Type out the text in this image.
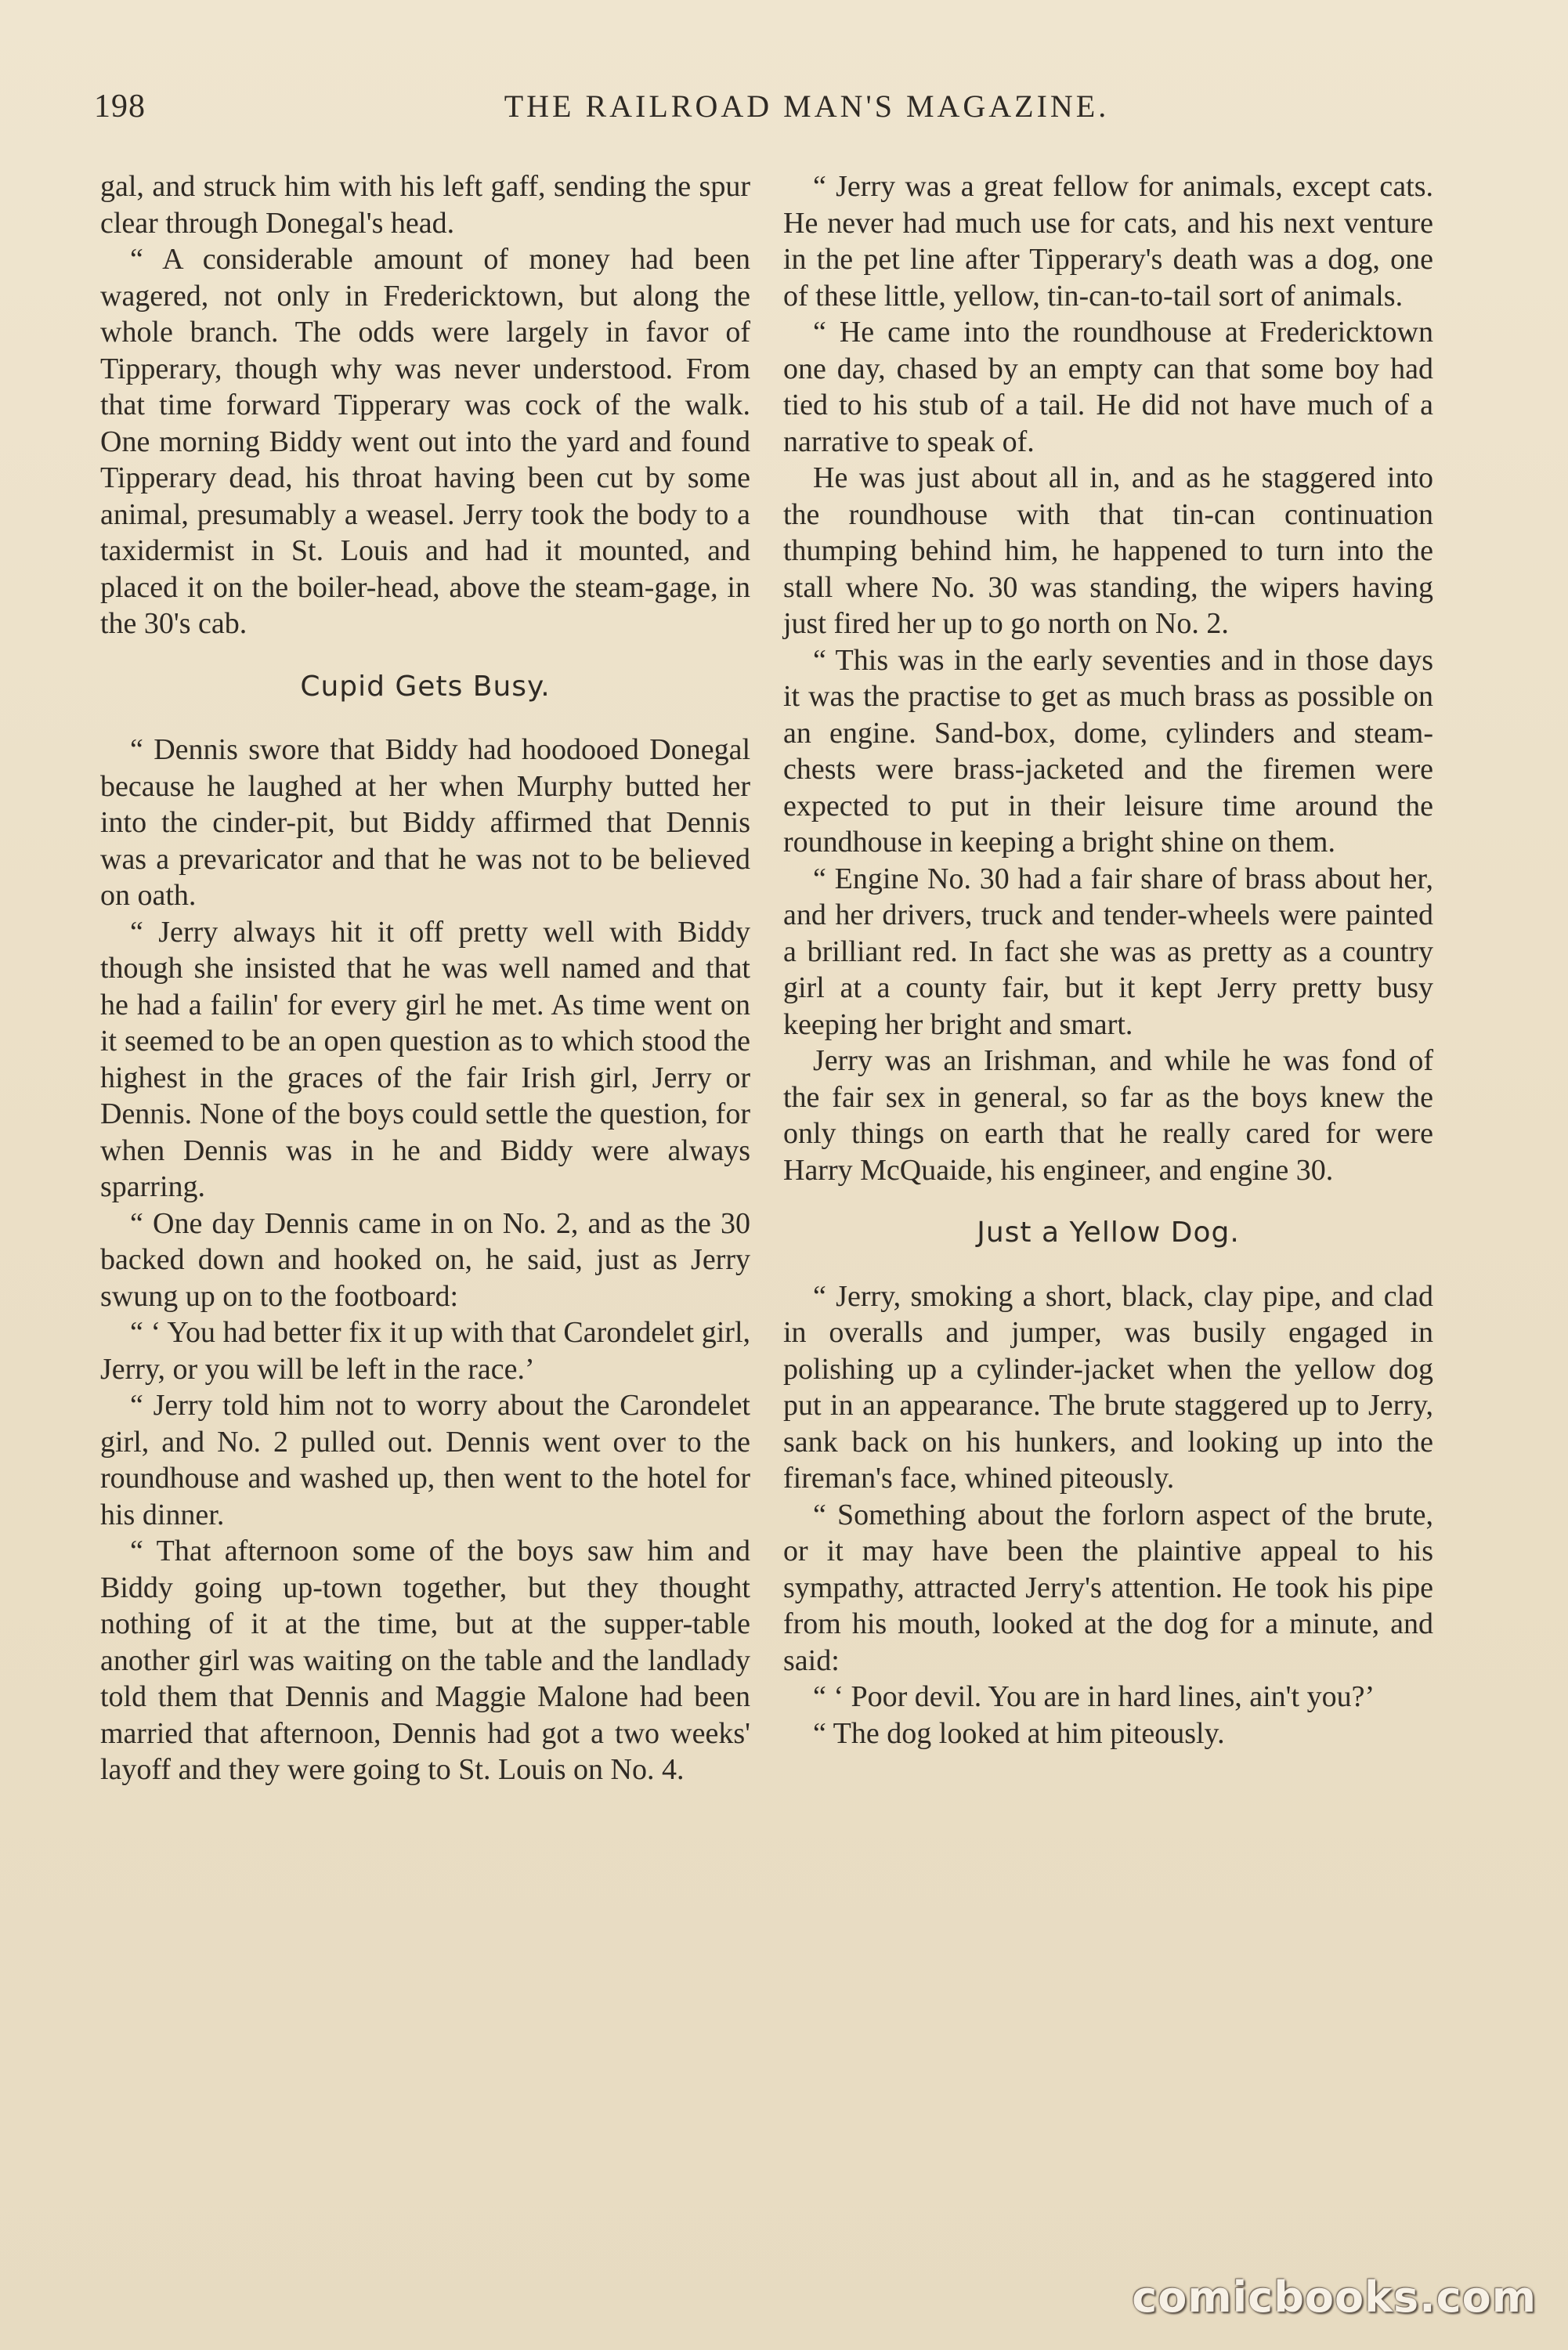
198	THE RAILROAD MAN'S MAGAZINE.

gal, and struck him with his left gaff, sending the spur clear through Donegal's head.

“ A considerable amount of money had been wagered, not only in Fredericktown, but along the whole branch. The odds were largely in favor of Tipperary, though why was never understood. From that time forward Tipperary was cock of the walk. One morning Biddy went out into the yard and found Tipperary dead, his throat having been cut by some animal, presumably a weasel. Jerry took the body to a taxidermist in St. Louis and had it mounted, and placed it on the boiler-head, above the steam-gage, in the 30's cab.

Cupid Gets Busy.

“ Dennis swore that Biddy had hoodooed Donegal because he laughed at her when Murphy butted her into the cinder-pit, but Biddy affirmed that Dennis was a prevaricator and that he was not to be believed on oath.

“ Jerry always hit it off pretty well with Biddy though she insisted that he was well named and that he had a failin' for every girl he met. As time went on it seemed to be an open question as to which stood the highest in the graces of the fair Irish girl, Jerry or Dennis. None of the boys could settle the question, for when Dennis was in he and Biddy were always sparring.

“ One day Dennis came in on No. 2, and as the 30 backed down and hooked on, he said, just as Jerry swung up on to the footboard:

“ ‘ You had better fix it up with that Carondelet girl, Jerry, or you will be left in the race.’

“ Jerry told him not to worry about the Carondelet girl, and No. 2 pulled out. Dennis went over to the roundhouse and washed up, then went to the hotel for his dinner.

“ That afternoon some of the boys saw him and Biddy going up-town together, but they thought nothing of it at the time, but at the supper-table another girl was waiting on the table and the landlady told them that Dennis and Maggie Malone had been married that afternoon, Dennis had got a two weeks' layoff and they were going to St. Louis on No. 4.

“ Jerry was a great fellow for animals, except cats. He never had much use for cats, and his next venture in the pet line after Tipperary's death was a dog, one of these little, yellow, tin-can-to-tail sort of animals.

“ He came into the roundhouse at Fredericktown one day, chased by an empty can that some boy had tied to his stub of a tail. He did not have much of a narrative to speak of.

He was just about all in, and as he staggered into the roundhouse with that tin-can continuation thumping behind him, he happened to turn into the stall where No. 30 was standing, the wipers having just fired her up to go north on No. 2.

“ This was in the early seventies and in those days it was the practise to get as much brass as possible on an engine. Sand-box, dome, cylinders and steam-chests were brass-jacketed and the firemen were expected to put in their leisure time around the roundhouse in keeping a bright shine on them.

“ Engine No. 30 had a fair share of brass about her, and her drivers, truck and tender-wheels were painted a brilliant red. In fact she was as pretty as a country girl at a county fair, but it kept Jerry pretty busy keeping her bright and smart.

Jerry was an Irishman, and while he was fond of the fair sex in general, so far as the boys knew the only things on earth that he really cared for were Harry McQuaide, his engineer, and engine 30.

Just a Yellow Dog.

“ Jerry, smoking a short, black, clay pipe, and clad in overalls and jumper, was busily engaged in polishing up a cylinder-jacket when the yellow dog put in an appearance. The brute staggered up to Jerry, sank back on his hunkers, and looking up into the fireman's face, whined piteously.

“ Something about the forlorn aspect of the brute, or it may have been the plaintive appeal to his sympathy, attracted Jerry's attention. He took his pipe from his mouth, looked at the dog for a minute, and said:

“ ‘ Poor devil. You are in hard lines, ain't you?’

“ The dog looked at him piteously.

comicbooks.com
